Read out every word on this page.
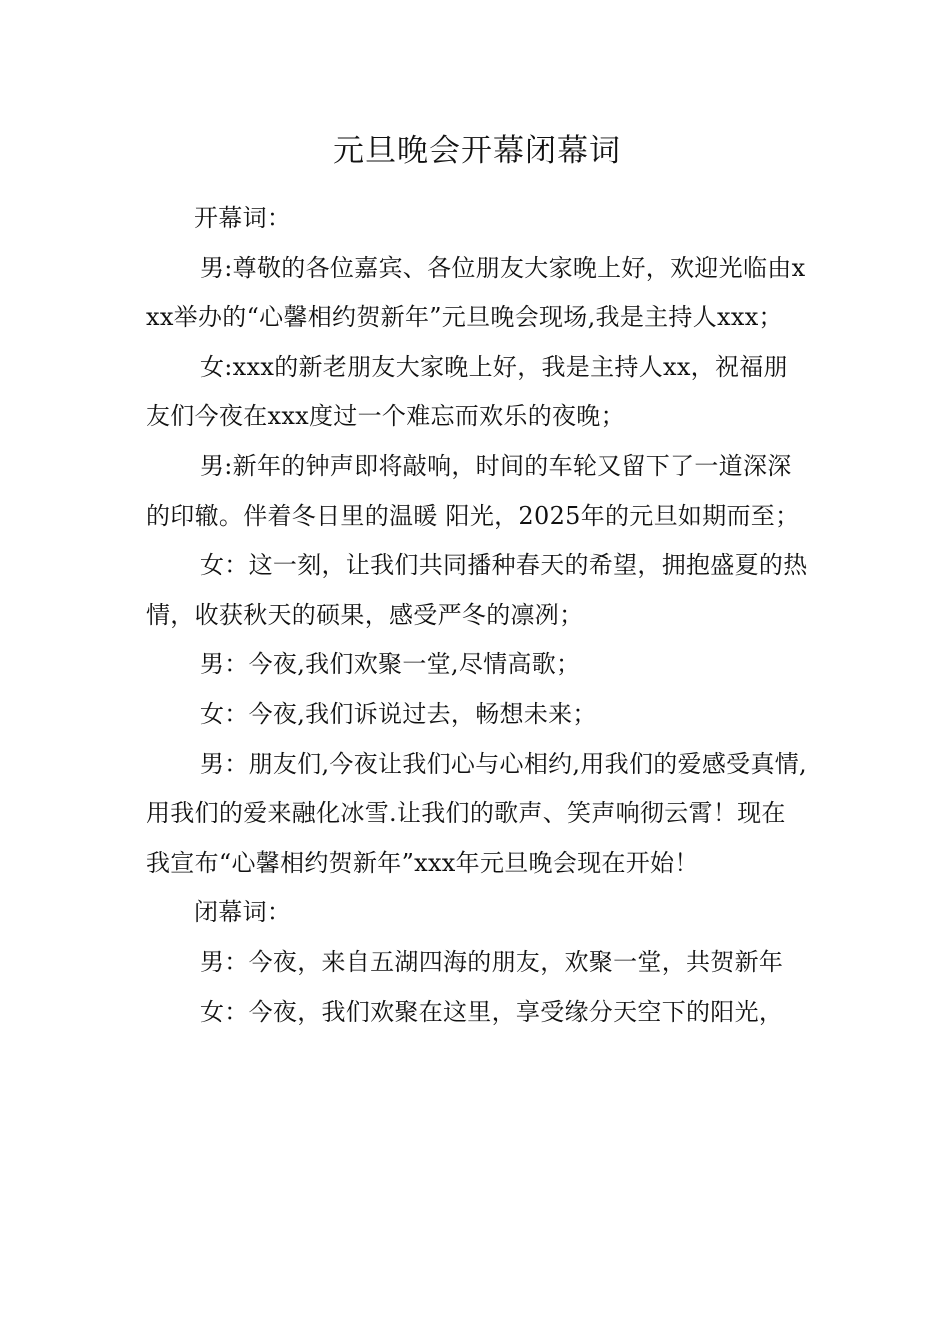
元旦晚会开幕闭幕词

开幕词：

男:尊敬的各位嘉宾、各位朋友大家晚上好，欢迎光临由xxx举办的“心馨相约贺新年”元旦晚会现场,我是主持人xxx；

女:xxx的新老朋友大家晚上好，我是主持人xx，祝福朋友们今夜在xxx度过一个难忘而欢乐的夜晚；

男:新年的钟声即将敲响，时间的车轮又留下了一道深深的印辙。伴着冬日里的温暖 阳光，2025年的元旦如期而至；

女：这一刻，让我们共同播种春天的希望，拥抱盛夏的热情，收获秋天的硕果，感受严冬的凛冽；

男：今夜,我们欢聚一堂,尽情高歌；

女：今夜,我们诉说过去，畅想未来；

男：朋友们,今夜让我们心与心相约,用我们的爱感受真情,用我们的爱来融化冰雪.让我们的歌声、笑声响彻云霄！现在我宣布“心馨相约贺新年”xxx年元旦晚会现在开始！

闭幕词：

男：今夜，来自五湖四海的朋友，欢聚一堂，共贺新年

女：今夜，我们欢聚在这里，享受缘分天空下的阳光，
